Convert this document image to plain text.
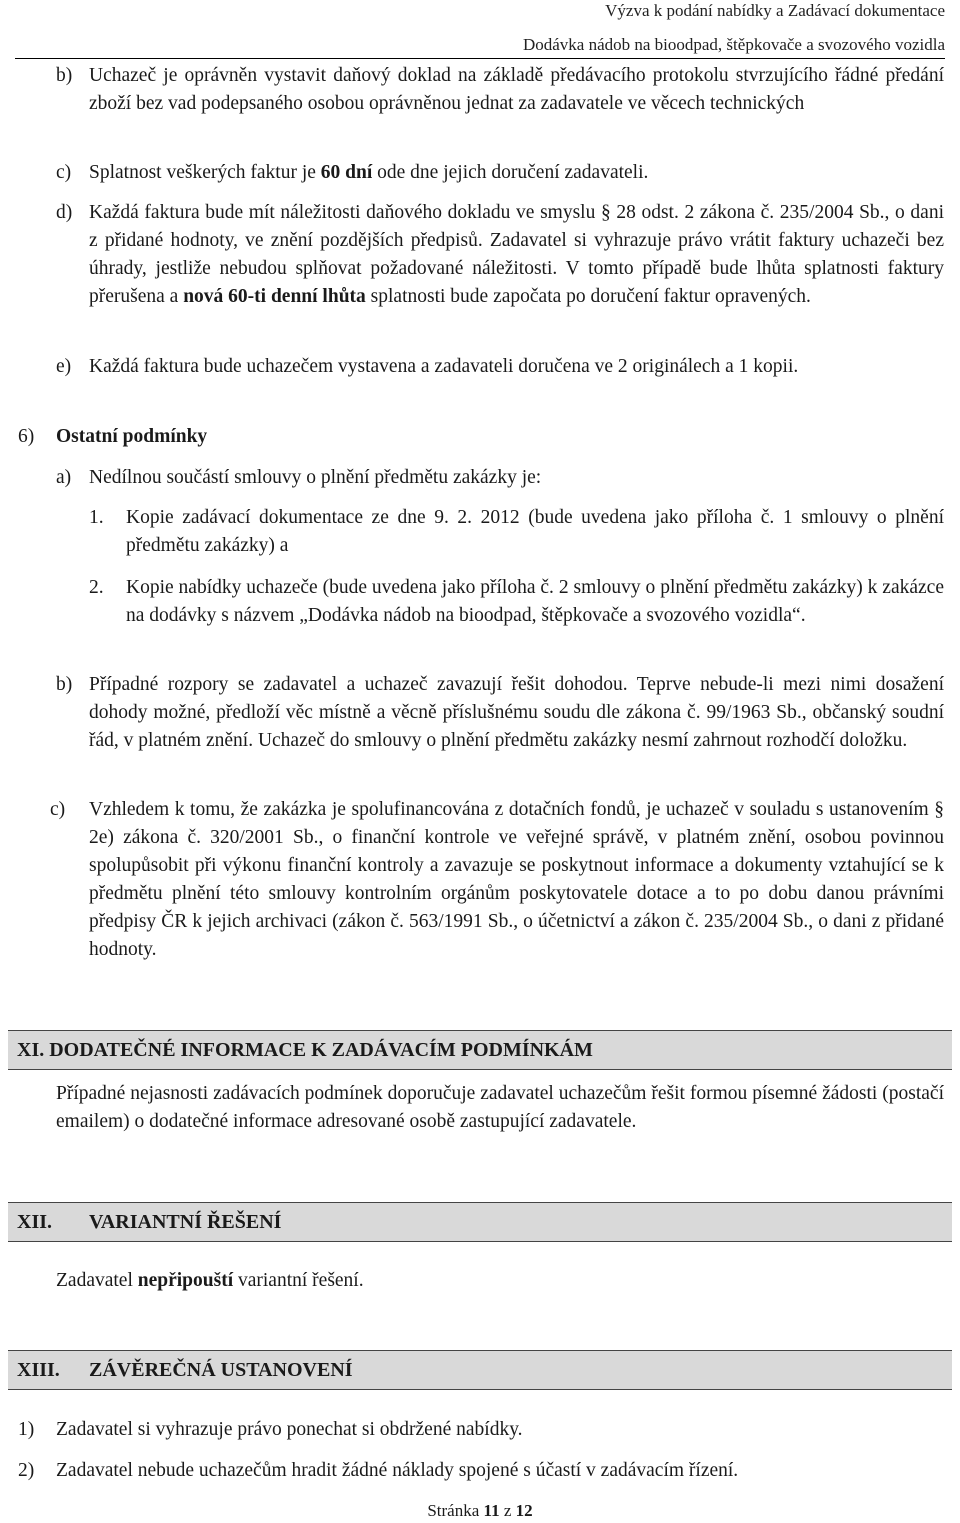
Výzva k podání nabídky a Zadávací dokumentace
Dodávka nádob na bioodpad, štěpkovače a svozového vozidla
b) Uchazeč je oprávněn vystavit daňový doklad na základě předávacího protokolu stvrzujícího řádné předání zboží bez vad podepsaného osobou oprávněnou jednat za zadavatele ve věcech technických
c) Splatnost veškerých faktur je 60 dní ode dne jejich doručení zadavateli.
d) Každá faktura bude mít náležitosti daňového dokladu ve smyslu § 28 odst. 2 zákona č. 235/2004 Sb., o dani z přidané hodnoty, ve znění pozdějších předpisů. Zadavatel si vyhrazuje právo vrátit faktury uchazeči bez úhrady, jestliže nebudou splňovat požadované náležitosti. V tomto případě bude lhůta splatnosti faktury přerušena a nová 60-ti denní lhůta splatnosti bude započata po doručení faktur opravených.
e) Každá faktura bude uchazečem vystavena a zadavateli doručena ve 2 originálech a 1 kopii.
6) Ostatní podmínky
a) Nedílnou součástí smlouvy o plnění předmětu zakázky je:
1. Kopie zadávací dokumentace ze dne 9. 2. 2012 (bude uvedena jako příloha č. 1 smlouvy o plnění předmětu zakázky) a
2. Kopie nabídky uchazeče (bude uvedena jako příloha č. 2 smlouvy o plnění předmětu zakázky) k zakázce na dodávky s názvem „Dodávka nádob na bioodpad, štěpkovače a svozového vozidla“.
b) Případné rozpory se zadavatel a uchazeč zavazují řešit dohodou. Teprve nebude-li mezi nimi dosažení dohody možné, předloží věc místně a věcně příslušnému soudu dle zákona č. 99/1963 Sb., občanský soudní řád, v platném znění. Uchazeč do smlouvy o plnění předmětu zakázky nesmí zahrnout rozhodčí doložku.
c) Vzhledem k tomu, že zakázka je spolufinancována z dotačních fondů, je uchazeč v souladu s ustanovením § 2e) zákona č. 320/2001 Sb., o finanční kontrole ve veřejné správě, v platném znění, osobou povinnou spolupůsobit při výkonu finanční kontroly a zavazuje se poskytnout informace a dokumenty vztahující se k předmětu plnění této smlouvy kontrolním orgánům poskytovatele dotace a to po dobu danou právními předpisy ČR k jejich archivaci (zákon č. 563/1991 Sb., o účetnictví a zákon č. 235/2004 Sb., o dani z přidané hodnoty.
XI. DODATEČNÉ INFORMACE K ZADÁVACÍM PODMÍNKÁM
Případné nejasnosti zadávacích podmínek doporučuje zadavatel uchazečům řešit formou písemné žádosti (postačí emailem) o dodatečné informace adresované osobě zastupující zadavatele.
XII. VARIANTNÍ ŘEŠENÍ
Zadavatel nepřipouští variantní řešení.
XIII. ZÁVĚREČNÁ USTANOVENÍ
1) Zadavatel si vyhrazuje právo ponechat si obdržené nabídky.
2) Zadavatel nebude uchazečům hradit žádné náklady spojené s účastí v zadávacím řízení.
Stránka 11 z 12
